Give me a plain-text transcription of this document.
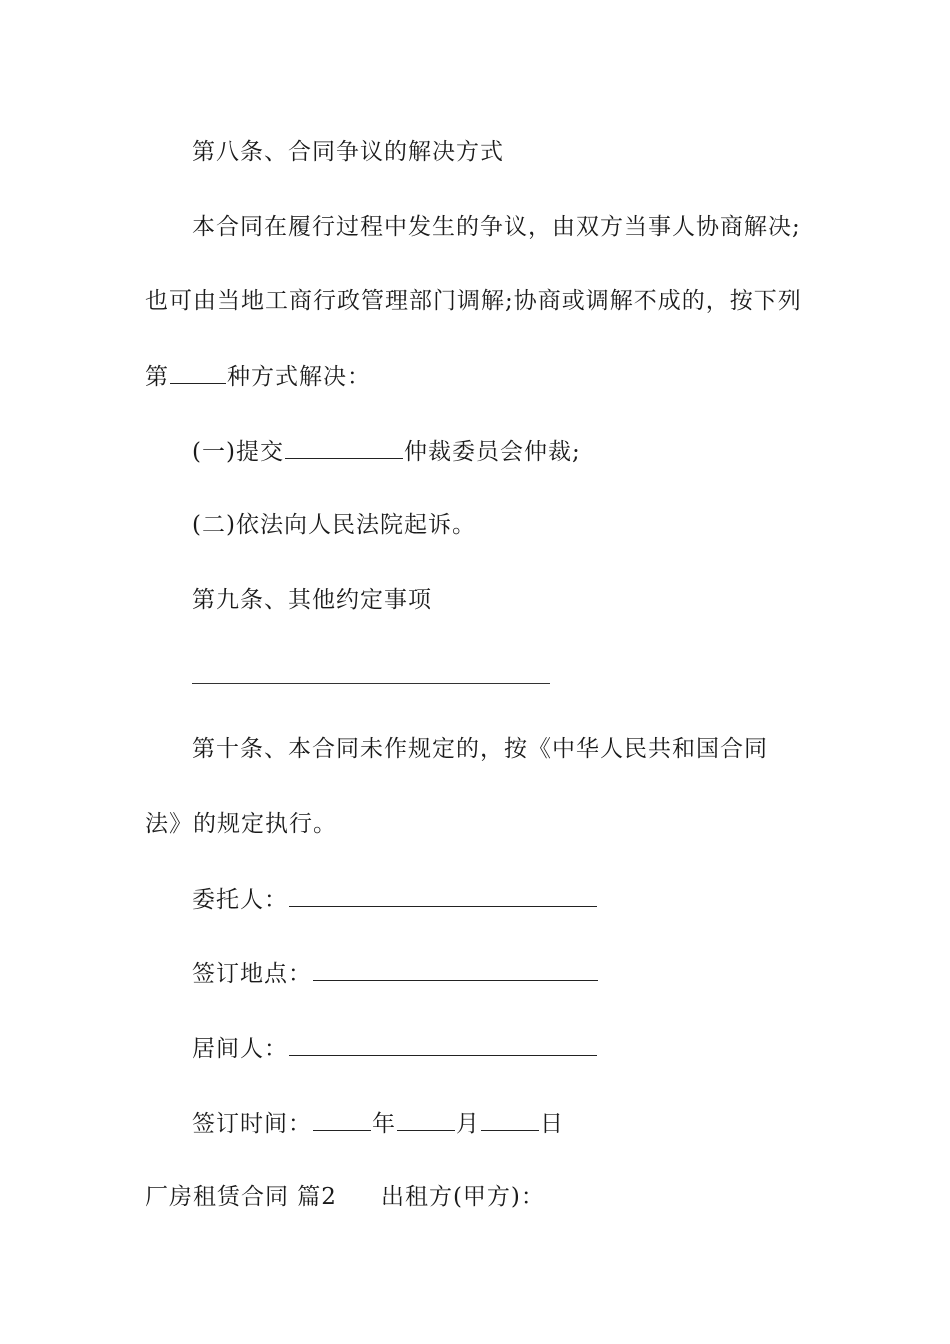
第八条、合同争议的解决方式
本合同在履行过程中发生的争议，由双方当事人协商解决;
也可由当地工商行政管理部门调解;协商或调解不成的，按下列
第	种方式解决：
(一)提交	仲裁委员会仲裁;
(二)依法向人民法院起诉。
第九条、其他约定事项
第十条、本合同未作规定的，按《中华人民共和国合同
法》的规定执行。
委托人：
签订地点：
居间人：
签订时间：	年	月	日
厂房租赁合同 篇2 出租方(甲方)：
